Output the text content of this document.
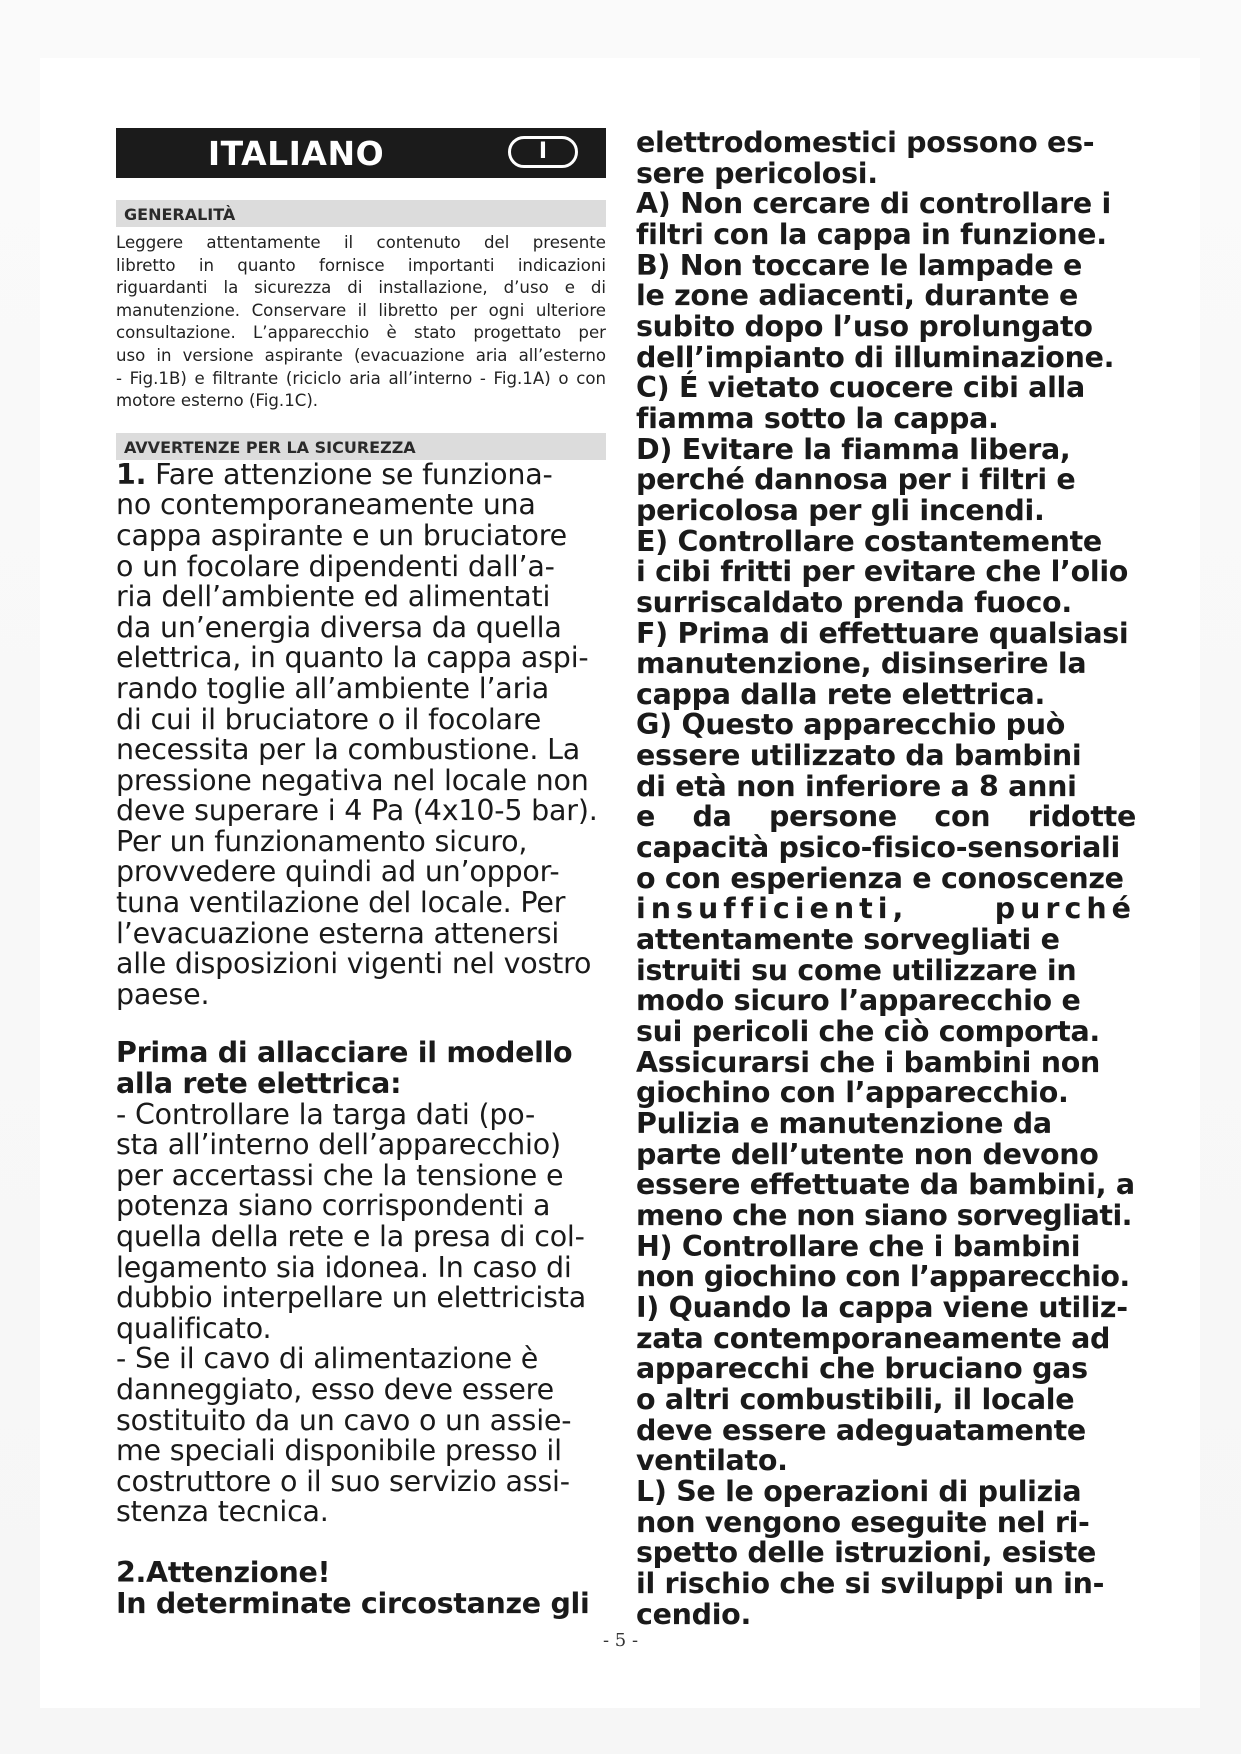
ITALIANO	I
GENERALITÀ
Leggere attentamente il contenuto del presente
libretto in quanto fornisce importanti indicazioni
riguardanti la sicurezza di installazione, d’uso e di
manutenzione. Conservare il libretto per ogni ulteriore
consultazione. L’apparecchio è stato progettato per
uso in versione aspirante (evacuazione aria all’esterno
- Fig.1B) e filtrante (riciclo aria all’interno - Fig.1A) o con
motore esterno (Fig.1C).
AVVERTENZE PER LA SICUREZZA
1. Fare attenzione se funziona-
no contemporaneamente una
cappa aspirante e un bruciatore
o un focolare dipendenti dall’a-
ria dell’ambiente ed alimentati
da un’energia diversa da quella
elettrica, in quanto la cappa aspi-
rando toglie all’ambiente l’aria
di cui il bruciatore o il focolare
necessita per la combustione. La
pressione negativa nel locale non
deve superare i 4 Pa (4x10-5 bar).
Per un funzionamento sicuro,
provvedere quindi ad un’oppor-
tuna ventilazione del locale. Per
l’evacuazione esterna attenersi
alle disposizioni vigenti nel vostro
paese.
Prima di allacciare il modello
alla rete elettrica:
- Controllare la targa dati (po-
sta all’interno dell’apparecchio)
per accertassi che la tensione e
potenza siano corrispondenti a
quella della rete e la presa di col-
legamento sia idonea. In caso di
dubbio interpellare un elettricista
qualificato.
- Se il cavo di alimentazione è
danneggiato, esso deve essere
sostituito da un cavo o un assie-
me speciali disponibile presso il
costruttore o il suo servizio assi-
stenza tecnica.
2.Attenzione!
In determinate circostanze gli
elettrodomestici possono es-
sere pericolosi.
A) Non cercare di controllare i
filtri con la cappa in funzione.
B) Non toccare le lampade e
le zone adiacenti, durante e
subito dopo l’uso prolungato
dell’impianto di illuminazione.
C) É vietato cuocere cibi alla
fiamma sotto la cappa.
D) Evitare la fiamma libera,
perché dannosa per i filtri e
pericolosa per gli incendi.
E) Controllare costantemente
i cibi fritti per evitare che l’olio
surriscaldato prenda fuoco.
F) Prima di effettuare qualsiasi
manutenzione, disinserire la
cappa dalla rete elettrica.
G) Questo apparecchio può
essere utilizzato da bambini
di età non inferiore a 8 anni
e da persone con ridotte
capacità psico-fisico-sensoriali
o con esperienza e conoscenze
insufficienti, purché
attentamente sorvegliati e
istruiti su come utilizzare in
modo sicuro l’apparecchio e
sui pericoli che ciò comporta.
Assicurarsi che i bambini non
giochino con l’apparecchio.
Pulizia e manutenzione da
parte dell’utente non devono
essere effettuate da bambini, a
meno che non siano sorvegliati.
H) Controllare che i bambini
non giochino con l’apparecchio.
I) Quando la cappa viene utiliz-
zata contemporaneamente ad
apparecchi che bruciano gas
o altri combustibili, il locale
deve essere adeguatamente
ventilato.
L) Se le operazioni di pulizia
non vengono eseguite nel ri-
spetto delle istruzioni, esiste
il rischio che si sviluppi un in-
cendio.
- 5 -
